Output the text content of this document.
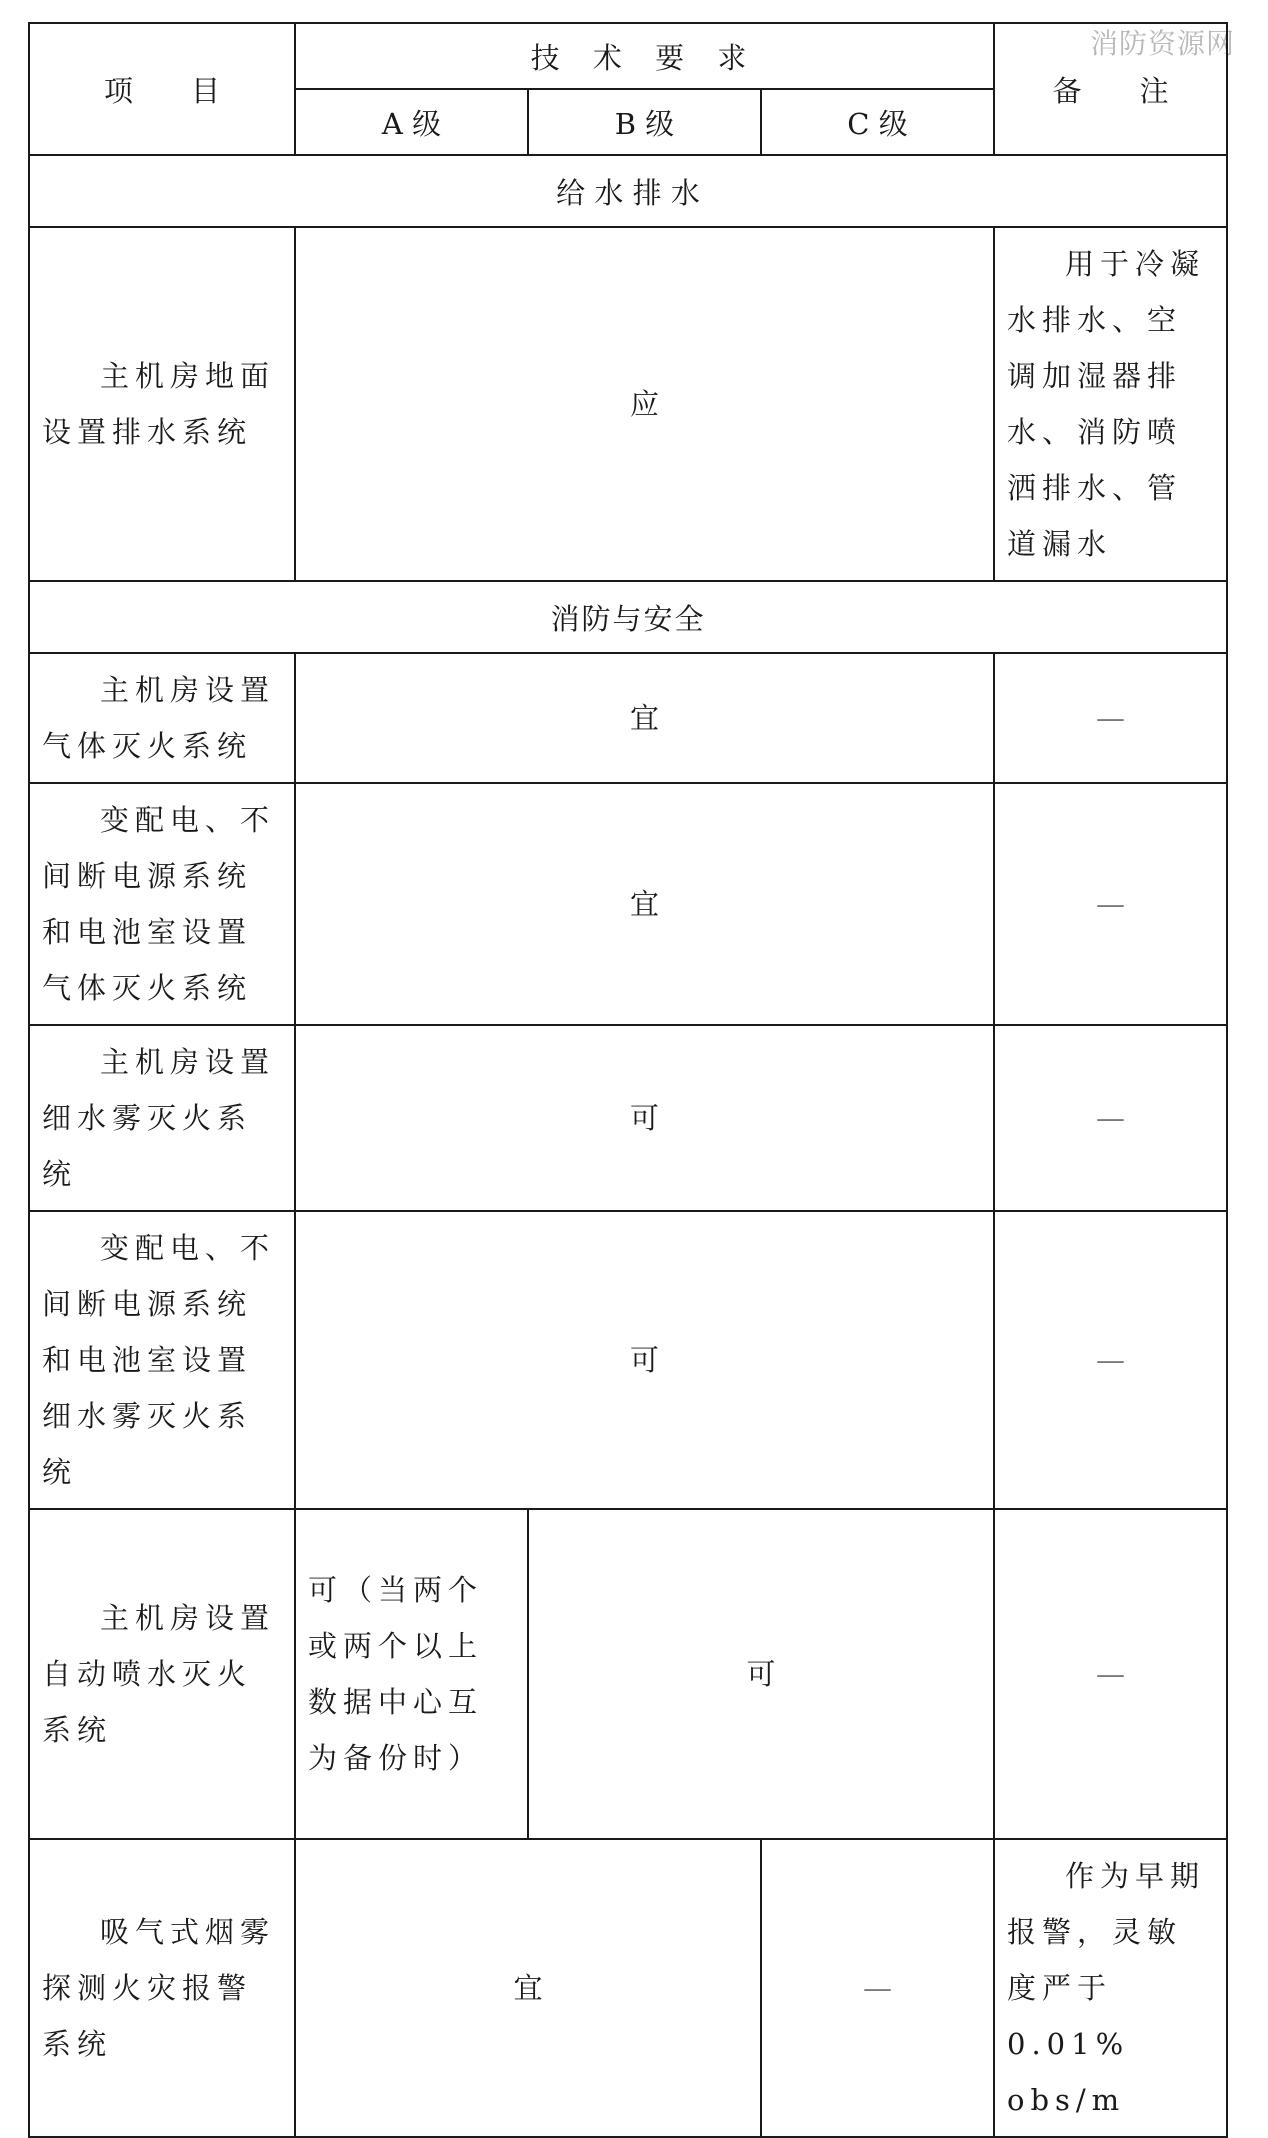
消防资源网
项　　目	技 术 要 求			备　　注
	A 级	B 级	C 级	
给 水 排 水				
主机房地面设置排水系统	应			用于冷凝水排水、空调加湿器排水、消防喷洒排水、管道漏水
消防与安全				
主机房设置气体灭火系统	宜			—
变配电、不间断电源系统和电池室设置气体灭火系统	宜			—
主机房设置细水雾灭火系统	可			—
变配电、不间断电源系统和电池室设置细水雾灭火系统	可			—
主机房设置自动喷水灭火系统	可（当两个或两个以上数据中心互为备份时）	可		—
吸气式烟雾探测火灾报警系统	宜		—	作为早期报警，灵敏度严于0.01% obs/m
